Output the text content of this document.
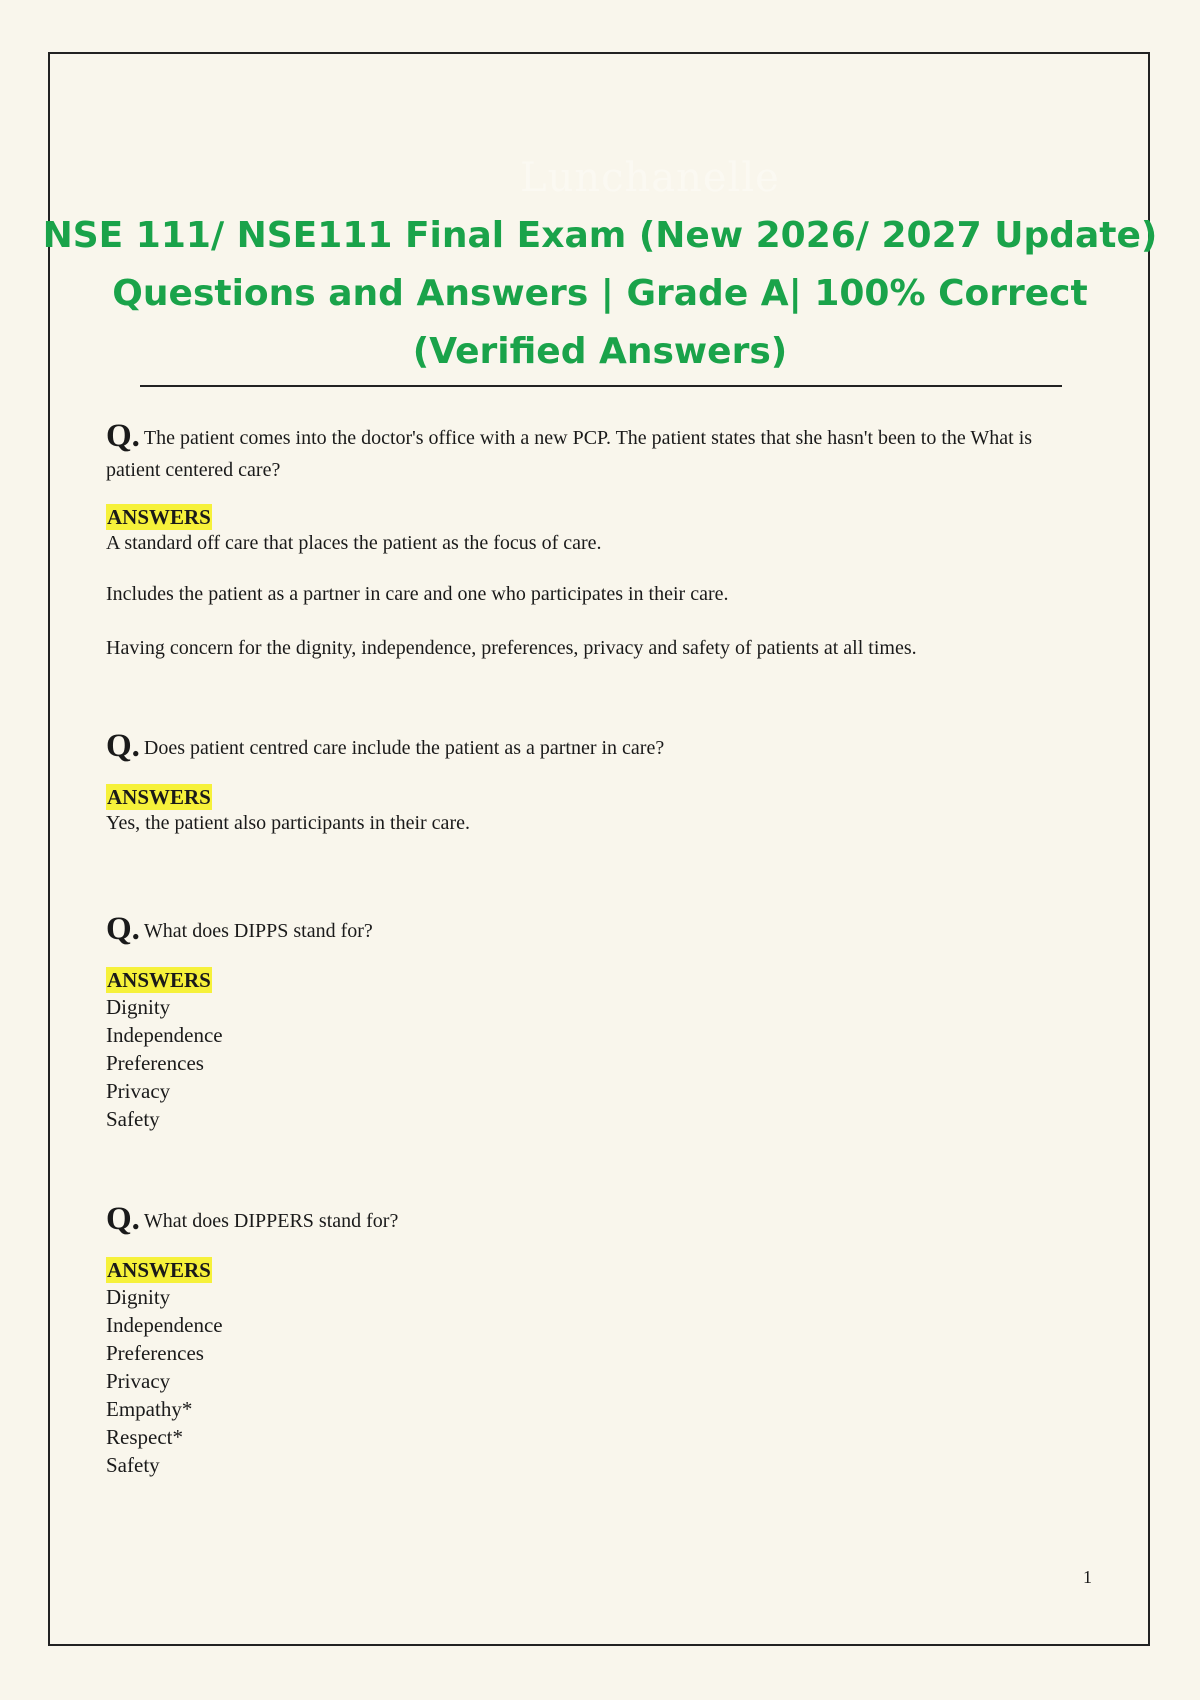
Lunchanelle
NSE 111/ NSE111 Final Exam (New 2026/ 2027 Update)
Questions and Answers | Grade A| 100% Correct
(Verified Answers)
Q. The patient comes into the doctor's office with a new PCP. The patient states that she hasn't been to the What is patient centered care?
ANSWERS

A standard off care that places the patient as the focus of care.

Includes the patient as a partner in care and one who participates in their care.

Having concern for the dignity, independence, preferences, privacy and safety of patients at all times.

Q. Does patient centred care include the patient as a partner in care?
ANSWERS

Yes, the patient also participants in their care.

Q. What does DIPPS stand for?
ANSWERS
Dignity
Independence
Preferences
Privacy
Safety
Q. What does DIPPERS stand for?
ANSWERS
Dignity
Independence
Preferences
Privacy
Empathy*
Respect*
Safety
1
